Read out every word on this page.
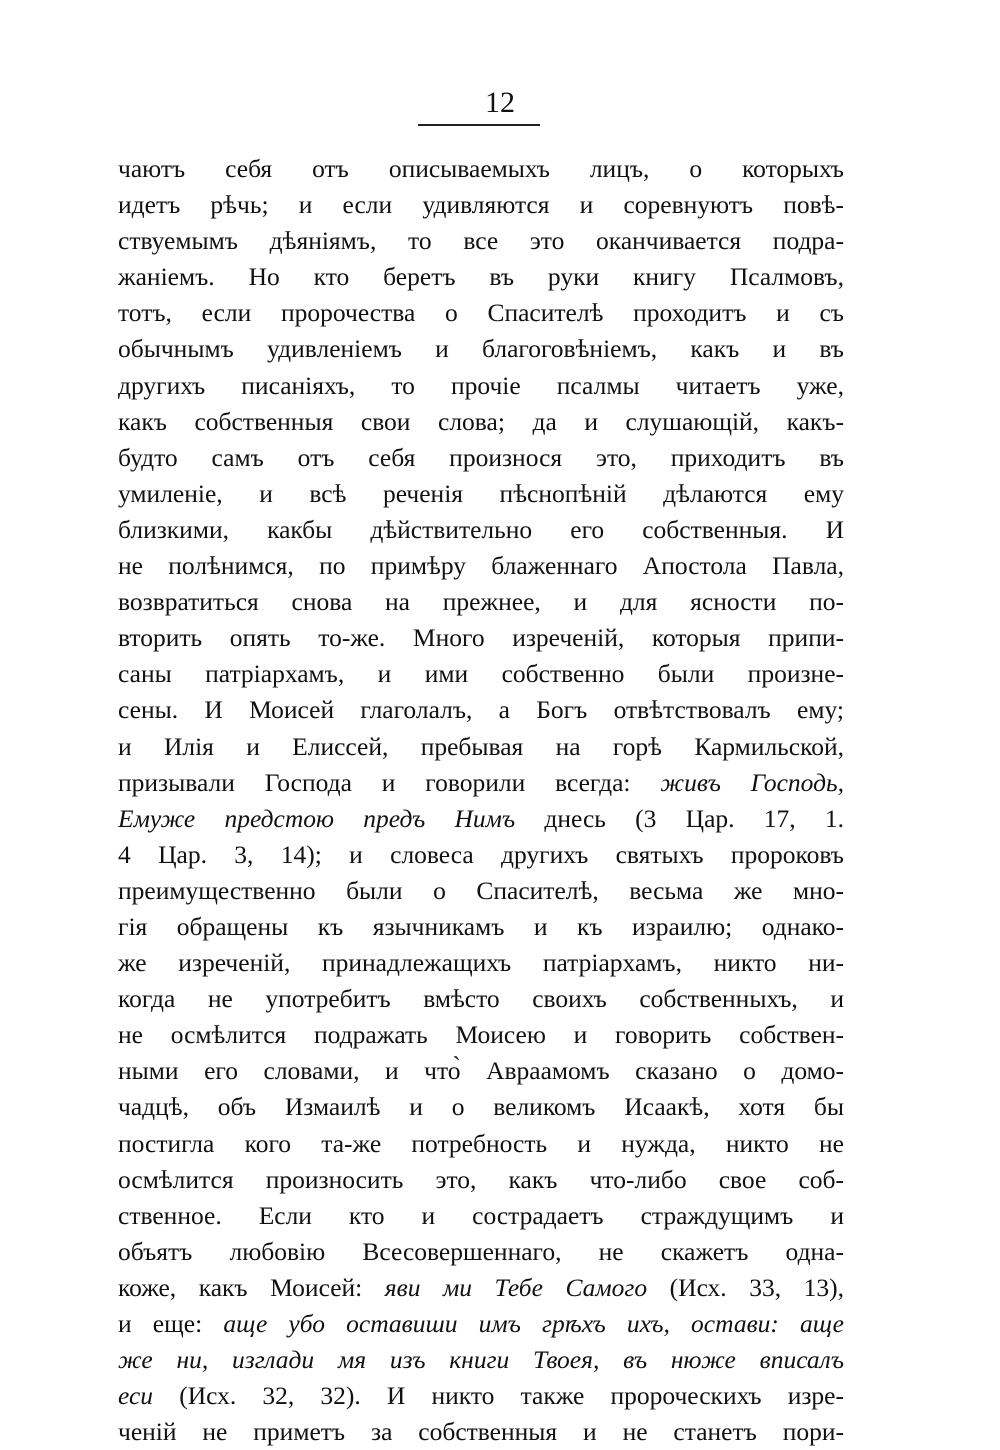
12
чаютъ себя отъ описываемыхъ лицъ, о которыхъ
идетъ рѣчь; и если удивляются и соревнуютъ повѣ-
ствуемымъ дѣяніямъ, то все это оканчивается подра-
жаніемъ. Но кто беретъ въ руки книгу Псалмовъ,
тотъ, если пророчества о Спасителѣ проходитъ и съ
обычнымъ удивленіемъ и благоговѣніемъ, какъ и въ
другихъ писаніяхъ, то прочіе псалмы читаетъ уже,
какъ собственныя свои слова; да и слушающій, какъ-
будто самъ отъ себя произнося это, приходитъ въ
умиленіе, и всѣ реченія пѣснопѣній дѣлаются ему
близкими, какбы дѣйствительно его собственныя. И
не полѣнимся, по примѣру блаженнаго Апостола Павла,
возвратиться снова на прежнее, и для ясности по-
вторить опять то-же. Много изреченій, которыя припи-
саны патріархамъ, и ими собственно были произне-
сены. И Моисей глаголалъ, а Богъ отвѣтствовалъ ему;
и Илія и Елиссей, пребывая на горѣ Кармильской,
призывали Господа и говорили всегда: живъ Господь,
Емуже предстою предъ Нимъ днесь (3 Цар. 17, 1.
4 Цар. 3, 14); и словеса другихъ святыхъ пророковъ
преимущественно были о Спасителѣ, весьма же мно-
гія обращены къ язычникамъ и къ израилю; однако-
же изреченій, принадлежащихъ патріархамъ, никто ни-
когда не употребитъ вмѣсто своихъ собственныхъ, и
не осмѣлится подражать Моисею и говорить собствен-
ными его словами, и что̀ Авраамомъ сказано о домо-
чадцѣ, объ Измаилѣ и о великомъ Исаакѣ, хотя бы
постигла кого та-же потребность и нужда, никто не
осмѣлится произносить это, какъ что-либо свое соб-
ственное. Если кто и сострадаетъ страждущимъ и
объятъ любовію Всесовершеннаго, не скажетъ одна-
коже, какъ Моисей: яви ми Тебе Самого (Исх. 33, 13),
и еще: аще убо оставиши имъ грѣхъ ихъ, остави: аще
же ни, изглади мя изъ книги Твоея, въ нюже вписалъ
еси (Исх. 32, 32). И никто также пророческихъ изре-
ченій не приметъ за собственныя и не станетъ пори-
